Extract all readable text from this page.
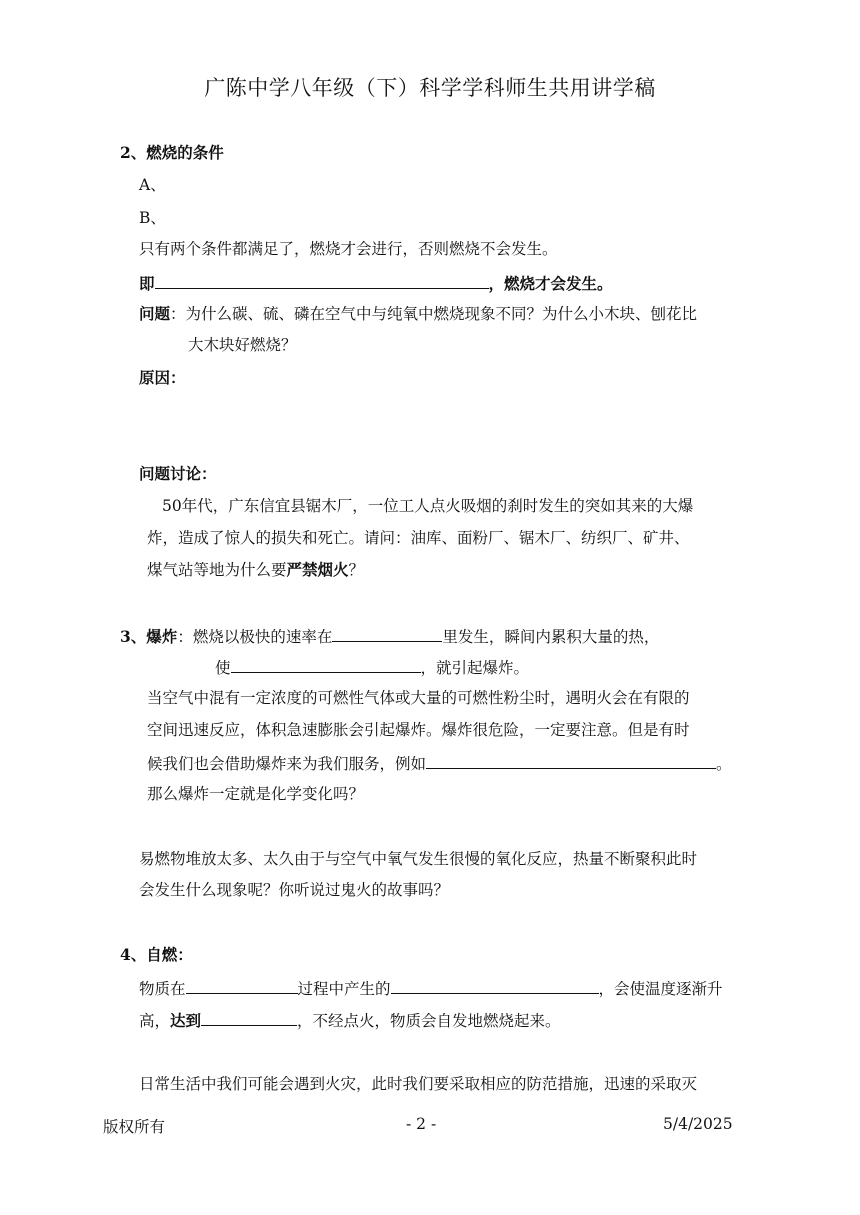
广陈中学八年级（下）科学学科师生共用讲学稿
2、燃烧的条件
A、
B、
只有两个条件都满足了，燃烧才会进行，否则燃烧不会发生。
即	，燃烧才会发生。
问题：为什么碳、硫、磷在空气中与纯氧中燃烧现象不同？为什么小木块、刨花比
大木块好燃烧？
原因：
问题讨论：
50年代，广东信宜县锯木厂，一位工人点火吸烟的刹时发生的突如其来的大爆
炸，造成了惊人的损失和死亡。请问：油库、面粉厂、锯木厂、纺织厂、矿井、
煤气站等地为什么要严禁烟火？
3、爆炸：燃烧以极快的速率在	里发生，瞬间内累积大量的热，
使	，就引起爆炸。
当空气中混有一定浓度的可燃性气体或大量的可燃性粉尘时，遇明火会在有限的
空间迅速反应，体积急速膨胀会引起爆炸。爆炸很危险，一定要注意。但是有时
候我们也会借助爆炸来为我们服务，例如	。
那么爆炸一定就是化学变化吗？
易燃物堆放太多、太久由于与空气中氧气发生很慢的氧化反应，热量不断聚积此时
会发生什么现象呢？你听说过鬼火的故事吗？
4、自燃：
物质在	过程中产生的	，会使温度逐渐升
高，达到	，不经点火，物质会自发地燃烧起来。
日常生活中我们可能会遇到火灾，此时我们要采取相应的防范措施，迅速的采取灭
版权所有	- 2 -	5/4/2025
